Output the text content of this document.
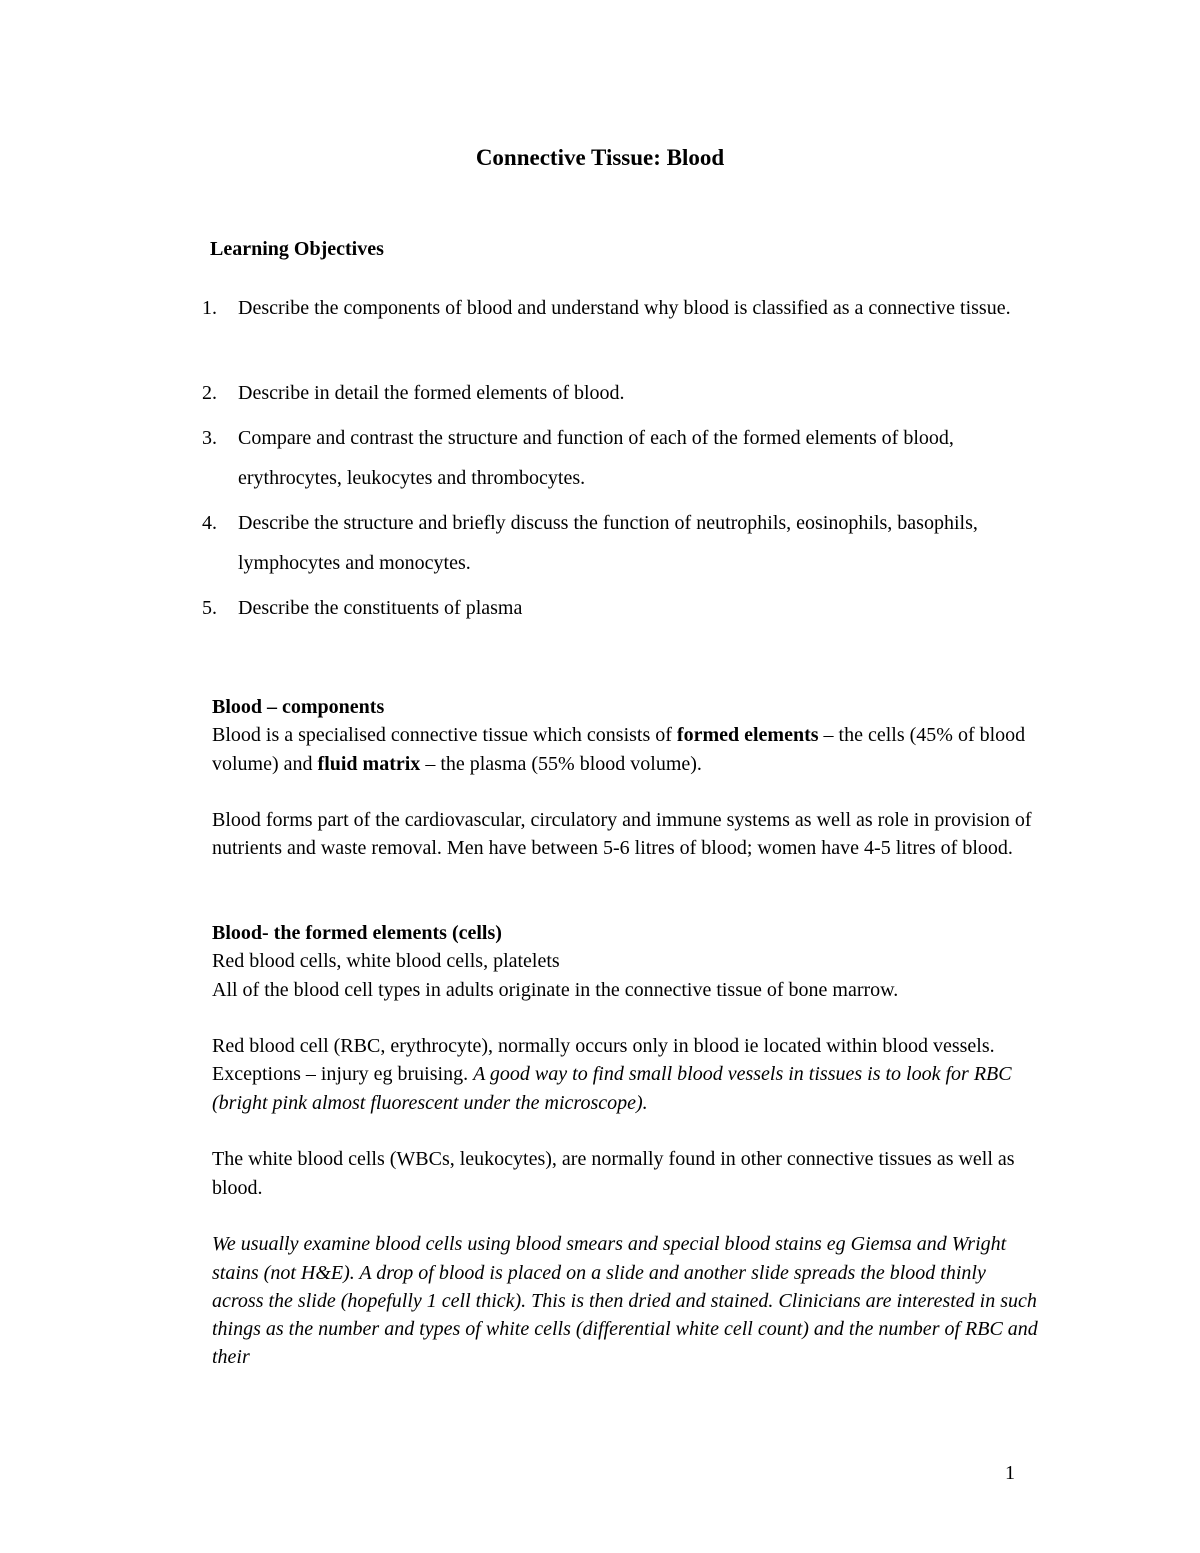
Connective Tissue: Blood
Learning Objectives
1. Describe the components of blood and understand why blood is classified as a connective tissue.
2. Describe in detail the formed elements of blood.
3. Compare and contrast the structure and function of each of the formed elements of blood, erythrocytes, leukocytes and thrombocytes.
4. Describe the structure and briefly discuss the function of neutrophils, eosinophils, basophils, lymphocytes and monocytes.
5. Describe the constituents of plasma

Blood – components

Blood is a specialised connective tissue which consists of formed elements – the cells (45% of blood volume) and fluid matrix – the plasma (55% blood volume).

Blood forms part of the cardiovascular, circulatory and immune systems as well as role in provision of nutrients and waste removal. Men have between 5-6 litres of blood; women have 4-5 litres of blood.

Blood- the formed elements (cells)

Red blood cells, white blood cells, platelets

All of the blood cell types in adults originate in the connective tissue of bone marrow.

Red blood cell (RBC, erythrocyte), normally occurs only in blood ie located within blood vessels. Exceptions – injury eg bruising. A good way to find small blood vessels in tissues is to look for RBC (bright pink almost fluorescent under the microscope).

The white blood cells (WBCs, leukocytes), are normally found in other connective tissues as well as blood.

We usually examine blood cells using blood smears and special blood stains eg Giemsa and Wright stains (not H&E). A drop of blood is placed on a slide and another slide spreads the blood thinly across the slide (hopefully 1 cell thick). This is then dried and stained. Clinicians are interested in such things as the number and types of white cells (differential white cell count) and the number of RBC and their

1
